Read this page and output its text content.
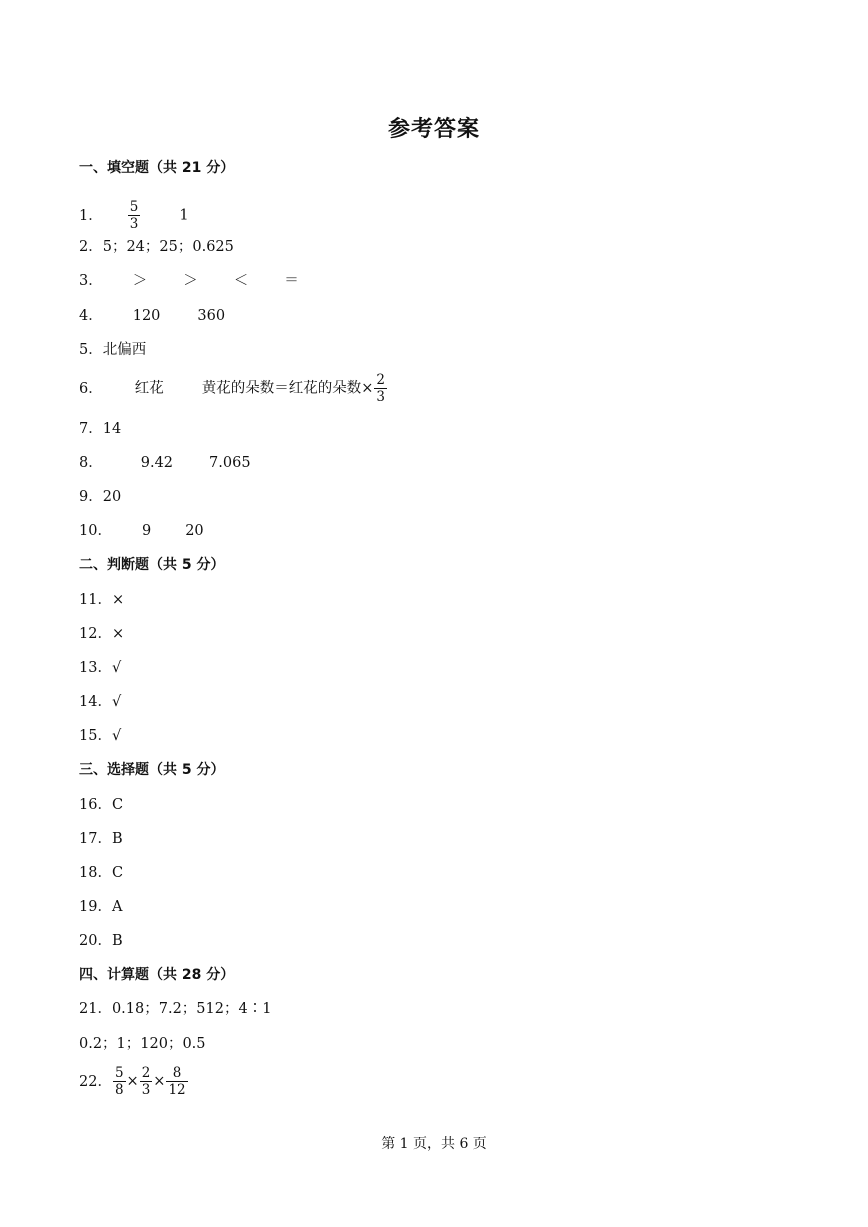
参考答案
一、填空题（共 21 分）
1． $\frac{5}{3}$	1
2．5；24；25；0.625
3． ＞ ＞ ＜ ＝
4． 120	360
5．北偏西
6． 红花	黄花的朵数＝红花的朵数× $\frac{2}{3}$
7．14
8．	9.42 7.065
9．20
10． 9 20
二、判断题（共 5 分）
11．×
12．×
13．√
14．√
15．√
三、选择题（共 5 分）
16．C
17．B
18．C
19．A
20．B
四、计算题（共 28 分）
21．0.18；7.2；512；4∶1
0.2；1；120；0.5
22． $\frac{5}{8} \times \frac{2}{3} \times \frac{8}{12}$
第 1 页，共 6 页
